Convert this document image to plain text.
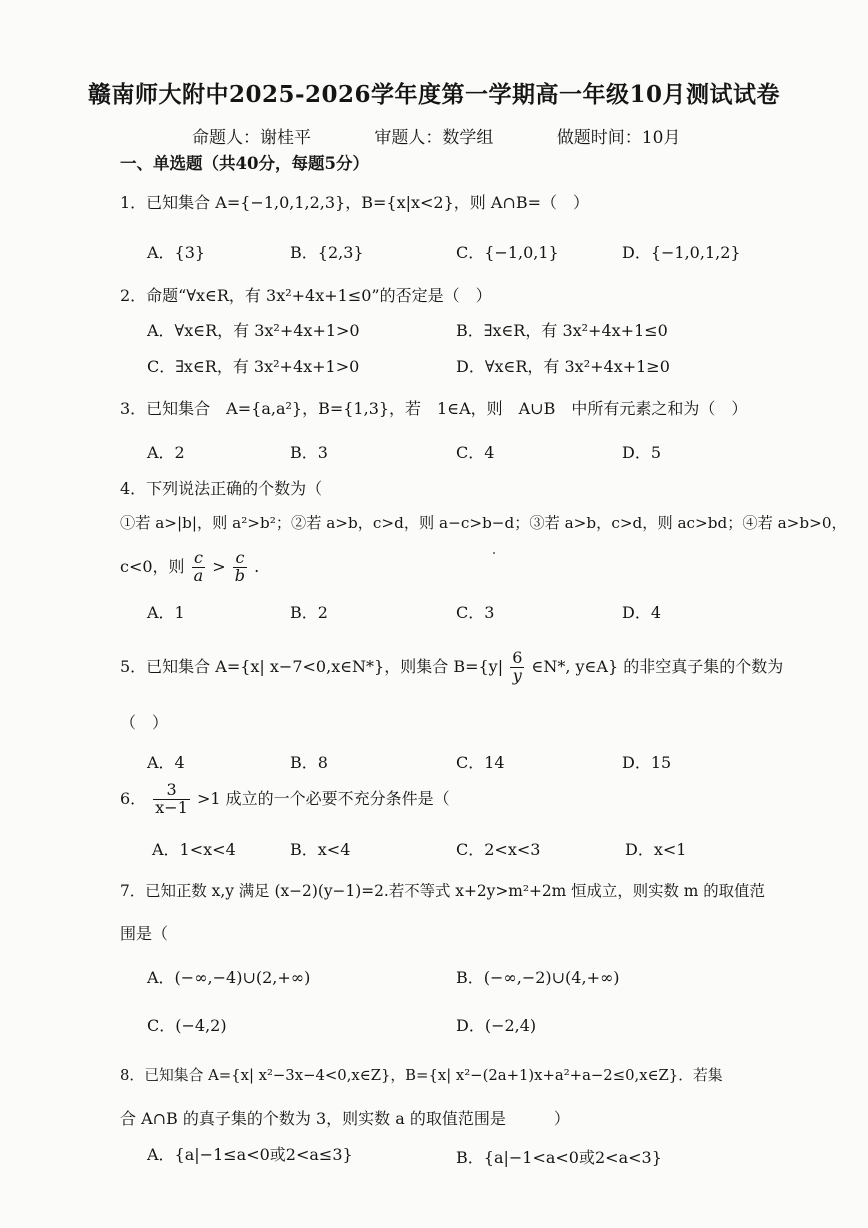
赣南师大附中2025-2026学年度第一学期高一年级10月测试试卷
命题人：谢桂平	审题人：数学组	做题时间：10月
一、单选题（共40分，每题5分）
1．已知集合 A={−1,0,1,2,3}，B={x|x<2}，则 A∩B=（　）
A．{3}	B．{2,3}	C．{−1,0,1}	D．{−1,0,1,2}
2．命题“∀x∈R，有 3x²+4x+1≤0”的否定是（　）
A．∀x∈R，有 3x²+4x+1>0	B．∃x∈R，有 3x²+4x+1≤0
C．∃x∈R，有 3x²+4x+1>0	D．∀x∈R，有 3x²+4x+1≥0
3．已知集合　A={a,a²}，B={1,3}，若　1∈A，则　A∪B　中所有元素之和为（　）
A．2	B．3	C．4	D．5
4．下列说法正确的个数为（
①若 a>|b|，则 a²>b²；②若 a>b，c>d，则 a−c>b−d；③若 a>b，c>d，则 ac>bd；④若 a>b>0，
c<0，则 $\frac{c}{a} > \frac{c}{b}$ .
A．1	B．2	C．3	D．4
5．已知集合 A={x| x−7<0,x∈N*}，则集合 $B=\{y| \frac{6}{y}$ ∈N*, y∈A} 的非空真子集的个数为
（　）
A．4	B．8	C．14	D．15
6． $\frac{3}{x-1} >1$ 成立的一个必要不充分条件是（
A．1<x<4	B．x<4	C．2<x<3	D．x<1
7．已知正数 x,y 满足 (x−2)(y−1)=2.若不等式 x+2y>m²+2m 恒成立，则实数 m 的取值范
围是（
A．(−∞,−4)∪(2,+∞)	B．(−∞,−2)∪(4,+∞)
C．(−4,2)	D．(−2,4)
8．已知集合 A={x| x²−3x−4<0,x∈Z}，B={x| x²−(2a+1)x+a²+a−2≤0,x∈Z}．若集
合 A∩B 的真子集的个数为 3，则实数 a 的取值范围是　　　）
A．{a|−1≤a<0或2<a≤3}	B．{a|−1<a<0或2<a<3}
